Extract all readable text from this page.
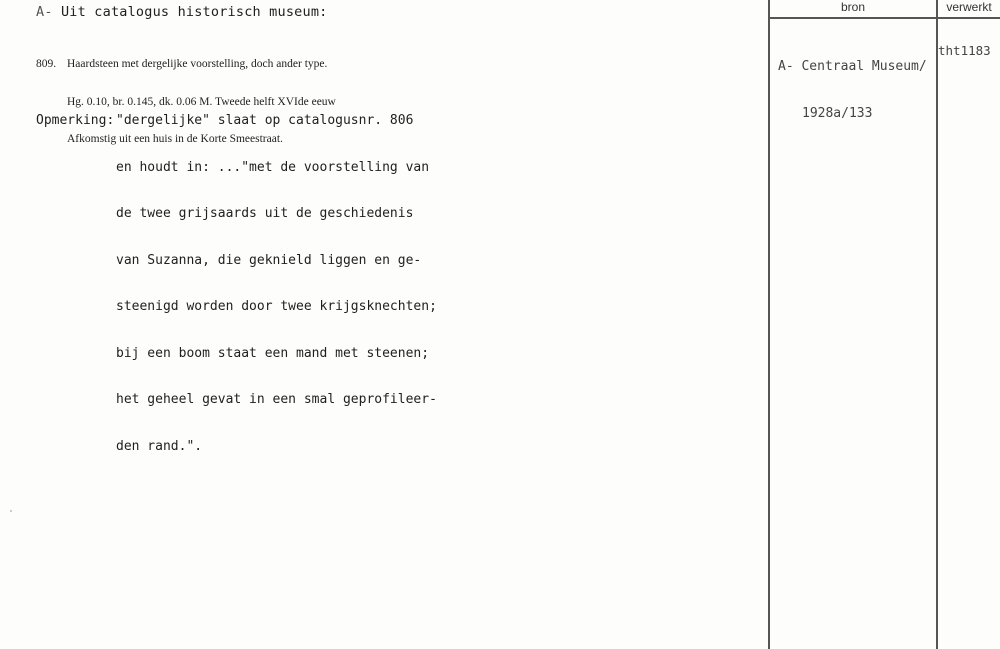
A- Uit catalogus historisch museum:

809. Haardsteen met dergelijke voorstelling, doch ander type.

Hg. 0.10, br. 0.145, dk. 0.06 M. Tweede helft XVIde eeuw

Afkomstig uit een huis in de Korte Smeestraat.

Opmerking: "dergelijke" slaat op catalogusnr. 806

en houdt in: ..."met de voorstelling van

de twee grijsaards uit de geschiedenis

van Suzanna, die geknield liggen en ge-

steenigd worden door twee krijgsknechten;

bij een boom staat een mand met steenen;

het geheel gevat in een smal geprofileer-

den rand.".

bron	verwerkt

A- Centraal Museum/

1928a/133

tht1183
